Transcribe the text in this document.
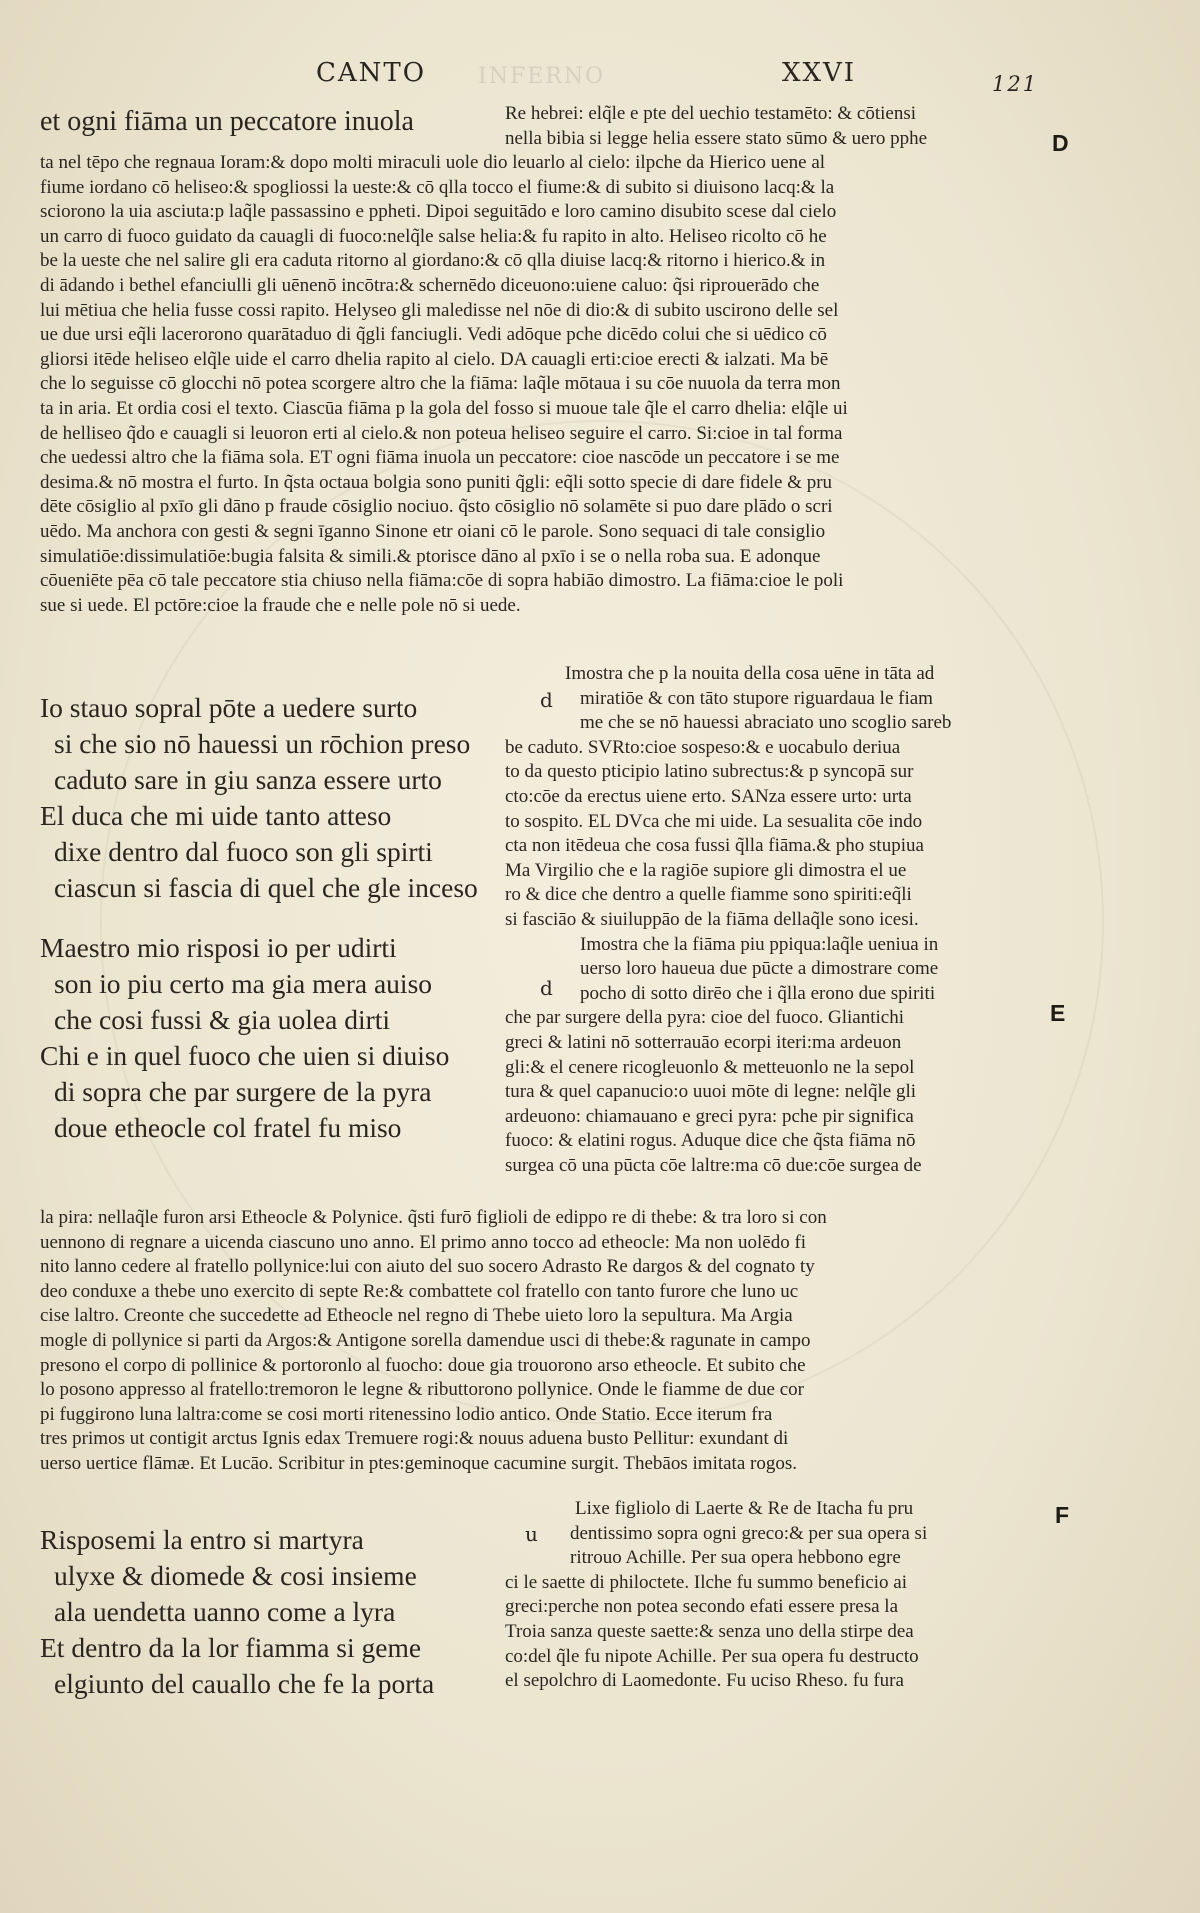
CANTO INFERNO	XXVI	121
D
E
F
et ogni fiāma un peccatore inuola	Re hebrei: elq̃le e pte del uechio testamēto: & cōtiensi
nella bibia si legge helia essere stato sūmo & uero pphe
ta nel tēpo che regnaua Ioram:& dopo molti miraculi uole dio leuarlo al cielo: ilpche da Hierico uene al
fiume iordano cō heliseo:& spogliossi la ueste:& cō qlla tocco el fiume:& di subito si diuisono lacq:& la
sciorono la uia asciuta:p laq̃le passassino e ppheti. Dipoi seguitādo e loro camino disubito scese dal cielo
un carro di fuoco guidato da cauagli di fuoco:nelq̃le salse helia:& fu rapito in alto. Heliseo ricolto cō he
be la ueste che nel salire gli era caduta ritorno al giordano:& cō qlla diuise lacq:& ritorno i hierico.& in
di ādando i bethel efanciulli gli uēnenō incōtra:& schernēdo diceuono:uiene caluo: q̃si riprouerādo che
lui mētiua che helia fusse cossi rapito. Helyseo gli maledisse nel nōe di dio:& di subito uscirono delle sel
ue due ursi eq̃li lacerorono quarātaduo di q̃gli fanciugli. Vedi adōque pche dicēdo colui che si uēdico cō
gliorsi itēde heliseo elq̃le uide el carro dhelia rapito al cielo. DA cauagli erti:cioe erecti & ialzati. Ma bē
che lo seguisse cō glocchi nō potea scorgere altro che la fiāma: laq̃le mōtaua i su cōe nuuola da terra mon
ta in aria. Et ordia cosi el texto. Ciascūa fiāma p la gola del fosso si muoue tale q̃le el carro dhelia: elq̃le ui
de helliseo q̃do e cauagli si leuoron erti al cielo.& non poteua heliseo seguire el carro. Si:cioe in tal forma
che uedessi altro che la fiāma sola. ET ogni fiāma inuola un peccatore: cioe nascōde un peccatore i se me
desima.& nō mostra el furto. In q̃sta octaua bolgia sono puniti q̃gli: eq̃li sotto specie di dare fidele & pru
dēte cōsiglio al pxīo gli dāno p fraude cōsiglio nociuo. q̃sto cōsiglio nō solamēte si puo dare plādo o scri
uēdo. Ma anchora con gesti & segni īganno Sinone etr oiani cō le parole. Sono sequaci di tale consiglio
simulatiōe:dissimulatiōe:bugia falsita & simili.& ptorisce dāno al pxīo i se o nella roba sua. E adonque
cōueniēte pēa cō tale peccatore stia chiuso nella fiāma:cōe di sopra habiāo dimostro. La fiāma:cioe le poli
sue si uede. El pctōre:cioe la fraude che e nelle pole nō si uede.
Io stauo sopral pōte a uedere surto
si che sio nō hauessi un rōchion preso
caduto sare in giu sanza essere urto
El duca che mi uide tanto atteso
dixe dentro dal fuoco son gli spirti
ciascun si fascia di quel che gle inceso
Maestro mio risposi io per udirti
son io piu certo ma gia mera auiso
che cosi fussi & gia uolea dirti
Chi e in quel fuoco che uien si diuiso
di sopra che par surgere de la pyra
doue etheocle col fratel fu miso
d
d
u
Imostra che p la nouita della cosa uēne in tāta ad
miratiōe & con tāto stupore riguardaua le fiam
me che se nō hauessi abraciato uno scoglio sareb
be caduto. SVRto:cioe sospeso:& e uocabulo deriua
to da questo pticipio latino subrectus:& p syncopā sur
cto:cōe da erectus uiene erto. SANza essere urto: urta
to sospito. EL DVca che mi uide. La sesualita cōe indo
cta non itēdeua che cosa fussi q̃lla fiāma.& pho stupiua
Ma Virgilio che e la ragiōe supiore gli dimostra el ue
ro & dice che dentro a quelle fiamme sono spiriti:eq̃li
si fasciāo & siuiluppāo de la fiāma dellaq̃le sono icesi.
Imostra che la fiāma piu ppiqua:laq̃le ueniua in
uerso loro haueua due pūcte a dimostrare come
pocho di sotto dirēo che i q̃lla erono due spiriti
che par surgere della pyra: cioe del fuoco. Gliantichi
greci & latini nō sotterrauāo ecorpi iteri:ma ardeuon
gli:& el cenere ricogleuonlo & metteuonlo ne la sepol
tura & quel capanucio:o uuoi mōte di legne: nelq̃le gli
ardeuono: chiamauano e greci pyra: pche pir significa
fuoco: & elatini rogus. Aduque dice che q̃sta fiāma nō
surgea cō una pūcta cōe laltre:ma cō due:cōe surgea de
la pira: nellaq̃le furon arsi Etheocle & Polynice. q̃sti furō figlioli de edippo re di thebe: & tra loro si con
uennono di regnare a uicenda ciascuno uno anno. El primo anno tocco ad etheocle: Ma non uolēdo fi
nito lanno cedere al fratello pollynice:lui con aiuto del suo socero Adrasto Re dargos & del cognato ty
deo conduxe a thebe uno exercito di septe Re:& combattete col fratello con tanto furore che luno uc
cise laltro. Creonte che succedette ad Etheocle nel regno di Thebe uieto loro la sepultura. Ma Argia
mogle di pollynice si parti da Argos:& Antigone sorella damendue usci di thebe:& ragunate in campo
presono el corpo di pollinice & portoronlo al fuocho: doue gia trouorono arso etheocle. Et subito che
lo posono appresso al fratello:tremoron le legne & ributtorono pollynice. Onde le fiamme de due cor
pi fuggirono luna laltra:come se cosi morti ritenessino lodio antico. Onde Statio. Ecce iterum fra
tres primos ut contigit arctus Ignis edax Tremuere rogi:& nouus aduena busto Pellitur: exundant di
uerso uertice flāmæ. Et Lucāo. Scribitur in ptes:geminoque cacumine surgit. Thebāos imitata rogos.
Risposemi la entro si martyra
ulyxe & diomede & cosi insieme
ala uendetta uanno come a lyra
Et dentro da la lor fiamma si geme
elgiunto del cauallo che fe la porta
Lixe figliolo di Laerte & Re de Itacha fu pru
dentissimo sopra ogni greco:& per sua opera si
ritrouo Achille. Per sua opera hebbono egre
ci le saette di philoctete. Ilche fu summo beneficio ai
greci:perche non potea secondo efati essere presa la
Troia sanza queste saette:& senza uno della stirpe dea
co:del q̃le fu nipote Achille. Per sua opera fu destructo
el sepolchro di Laomedonte. Fu uciso Rheso. fu fura
